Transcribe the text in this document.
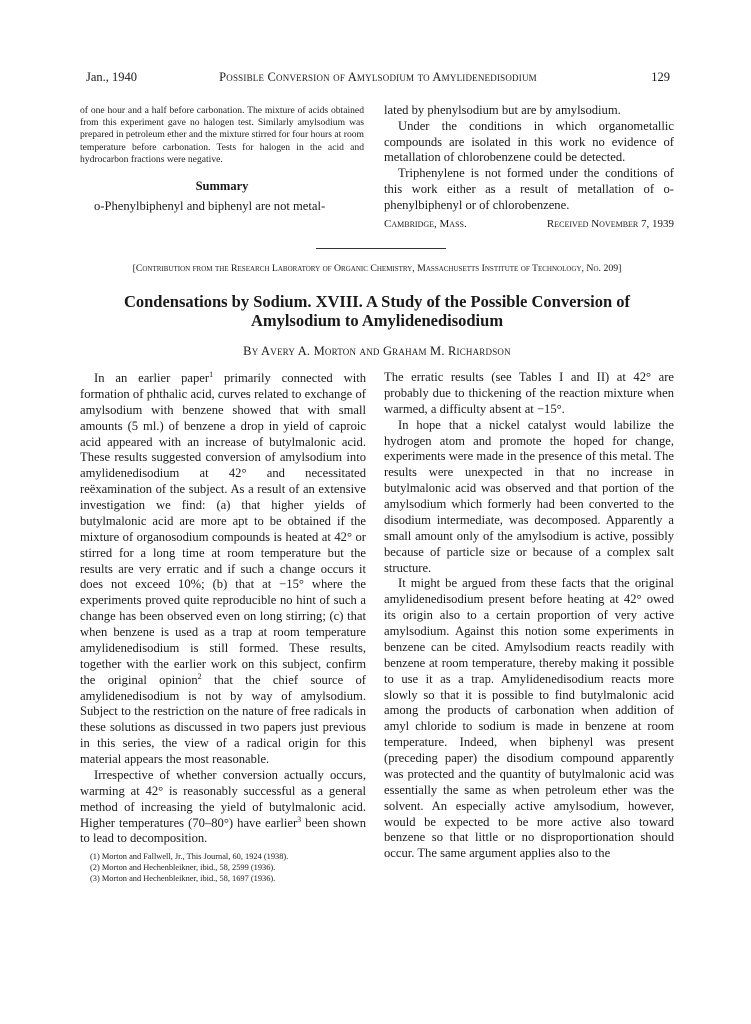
Jan., 1940	Possible Conversion of Amylsodium to Amylidenedisodium	129

of one hour and a half before carbonation. The mixture of acids obtained from this experiment gave no halogen test. Similarly amylsodium was prepared in petroleum ether and the mixture stirred for four hours at room temperature before carbonation. Tests for halogen in the acid and hydrocarbon fractions were negative.

Summary

o-Phenylbiphenyl and biphenyl are not metal-

lated by phenylsodium but are by amylsodium.

Under the conditions in which organometallic compounds are isolated in this work no evidence of metallation of chlorobenzene could be detected.

Triphenylene is not formed under the conditions of this work either as a result of metallation of o-phenylbiphenyl or of chlorobenzene.

Cambridge, Mass.	Received November 7, 1939
[Contribution from the Research Laboratory of Organic Chemistry, Massachusetts Institute of Technology, No. 209]
Condensations by Sodium. XVIII. A Study of the Possible Conversion of Amylsodium to Amylidenedisodium
By Avery A. Morton and Graham M. Richardson

In an earlier paper$^1$ primarily connected with formation of phthalic acid, curves related to exchange of amylsodium with benzene showed that with small amounts (5 ml.) of benzene a drop in yield of caproic acid appeared with an increase of butylmalonic acid. These results suggested conversion of amylsodium into amylidenedisodium at 42° and necessitated reëxamination of the subject. As a result of an extensive investigation we find: (a) that higher yields of butylmalonic acid are more apt to be obtained if the mixture of organosodium compounds is heated at 42° or stirred for a long time at room temperature but the results are very erratic and if such a change occurs it does not exceed 10%; (b) that at −15° where the experiments proved quite reproducible no hint of such a change has been observed even on long stirring; (c) that when benzene is used as a trap at room temperature amylidenedisodium is still formed. These results, together with the earlier work on this subject, confirm the original opinion$^2$ that the chief source of amylidenedisodium is not by way of amylsodium. Subject to the restriction on the nature of free radicals in these solutions as discussed in two papers just previous in this series, the view of a radical origin for this material appears the most reasonable.

Irrespective of whether conversion actually occurs, warming at 42° is reasonably successful as a general method of increasing the yield of butylmalonic acid. Higher temperatures (70–80°) have earlier$^3$ been shown to lead to decomposition.

(1) Morton and Fallwell, Jr., This Journal, 60, 1924 (1938).
(2) Morton and Hechenbleikner, ibid., 58, 2599 (1936).
(3) Morton and Hechenbleikner, ibid., 58, 1697 (1936).

The erratic results (see Tables I and II) at 42° are probably due to thickening of the reaction mixture when warmed, a difficulty absent at −15°.

In hope that a nickel catalyst would labilize the hydrogen atom and promote the hoped for change, experiments were made in the presence of this metal. The results were unexpected in that no increase in butylmalonic acid was observed and that portion of the amylsodium which formerly had been converted to the disodium intermediate, was decomposed. Apparently a small amount only of the amylsodium is active, possibly because of particle size or because of a complex salt structure.

It might be argued from these facts that the original amylidenedisodium present before heating at 42° owed its origin also to a certain proportion of very active amylsodium. Against this notion some experiments in benzene can be cited. Amylsodium reacts readily with benzene at room temperature, thereby making it possible to use it as a trap. Amylidenedisodium reacts more slowly so that it is possible to find butylmalonic acid among the products of carbonation when addition of amyl chloride to sodium is made in benzene at room temperature. Indeed, when biphenyl was present (preceding paper) the disodium compound apparently was protected and the quantity of butylmalonic acid was essentially the same as when petroleum ether was the solvent. An especially active amylsodium, however, would be expected to be more active also toward benzene so that little or no disproportionation should occur. The same argument applies also to the
